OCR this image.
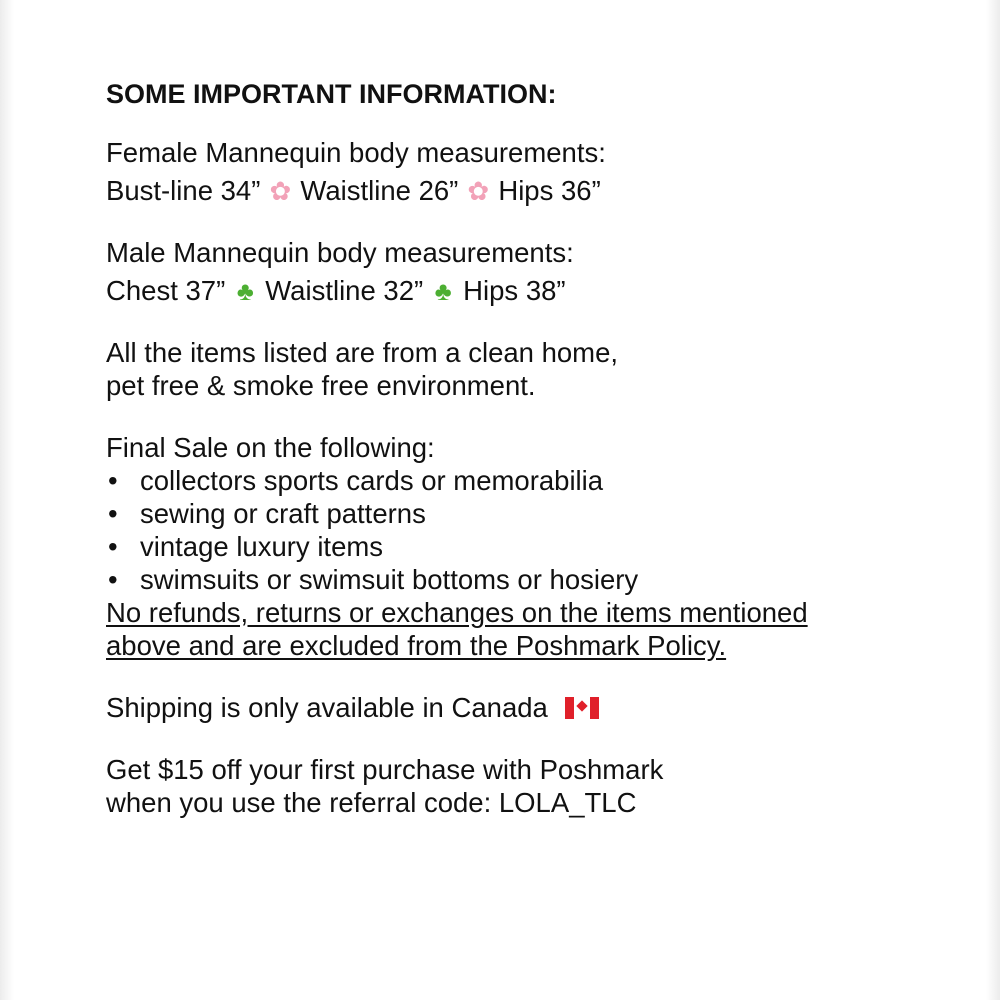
SOME IMPORTANT INFORMATION:
Female Mannequin body measurements:
Bust-line 34” ✿ Waistline 26” ✿ Hips 36”
Male Mannequin body measurements:
Chest 37” ♣ Waistline 32” ♣ Hips 38”
All the items listed are from a clean home,
pet free & smoke free environment.
Final Sale on the following:
• collectors sports cards or memorabilia
• sewing or craft patterns
• vintage luxury items
• swimsuits or swimsuit bottoms or hosiery
No refunds, returns or exchanges on the items mentioned
above and are excluded from the Poshmark Policy.
Shipping is only available in Canada
Get $15 off your first purchase with Poshmark
when you use the referral code: LOLA_TLC
